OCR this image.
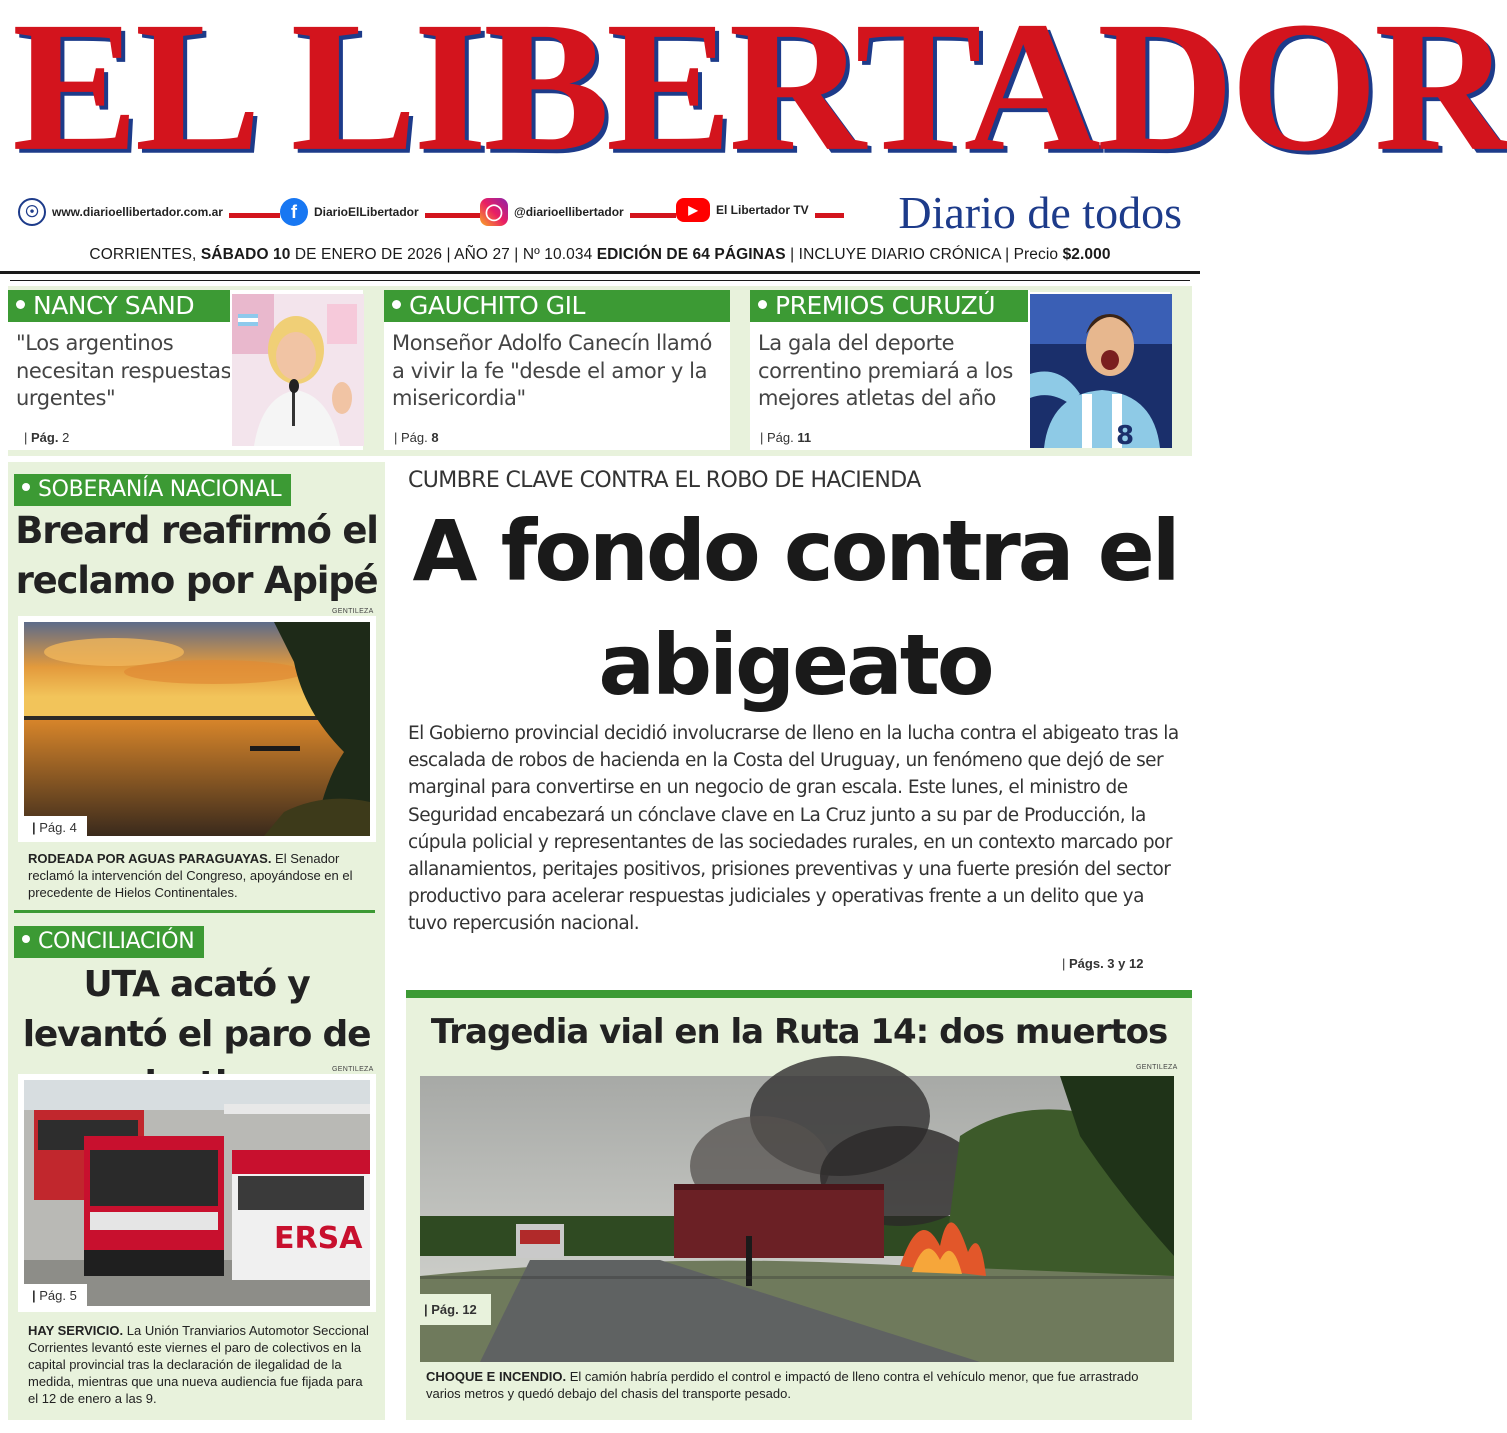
EL LIBERTADOR
☉	www.diarioellibertador.com.ar	f	DiarioElLibertador	◯ @diarioellibertador	▶	El Libertador TV Diario de todos
CORRIENTES, SÁBADO 10 DE ENERO DE 2026 | AÑO 27 | Nº 10.034 EDICIÓN DE 64 PÁGINAS | INCLUYE DIARIO CRÓNICA | Precio $2.000
NANCY SAND
"Los argentinos necesitan respuestas urgentes"
| Pág. 2
GAUCHITO GIL
Monseñor Adolfo Canecín llamó a vivir la fe "desde el amor y la misericordia"
| Pág. 8
PREMIOS CURUZÚ
La gala del deporte correntino premiará a los mejores atletas del año
| Pág. 11	8
SOBERANÍA NACIONAL
Breard reafirmó el reclamo por Apipé
GENTILEZA
| Pág. 4
RODEADA POR AGUAS PARAGUAYAS. El Senador reclamó la intervención del Congreso, apoyándose en el precedente de Hielos Continentales.
CONCILIACIÓN
UTA acató y levantó el paro de
GENTILEZA
ERSA
| Pág. 5
HAY SERVICIO. La Unión Tranviarios Automotor Seccional Corrientes levantó este viernes el paro de colectivos en la capital provincial tras la declaración de ilegalidad de la medida, mientras que una nueva audiencia fue fijada para el 12 de enero a las 9.
CUMBRE CLAVE CONTRA EL ROBO DE HACIENDA
A fondo contra el abigeato
El Gobierno provincial decidió involucrarse de lleno en la lucha contra el abigeato tras la escalada de robos de hacienda en la Costa del Uruguay, un fenómeno que dejó de ser marginal para convertirse en un negocio de gran escala. Este lunes, el ministro de Seguridad encabezará un cónclave clave en La Cruz junto a su par de Producción, la cúpula policial y representantes de las sociedades rurales, en un contexto marcado por allanamientos, peritajes positivos, prisiones preventivas y una fuerte presión del sector productivo para acelerar respuestas judiciales y operativas frente a un delito que ya tuvo repercusión nacional.
| Págs. 3 y 12
Tragedia vial en la Ruta 14: dos muertos
GENTILEZA
| Pág. 12
CHOQUE E INCENDIO. El camión habría perdido el control e impactó de lleno contra el vehículo menor, que fue arrastrado varios metros y quedó debajo del chasis del transporte pesado.
